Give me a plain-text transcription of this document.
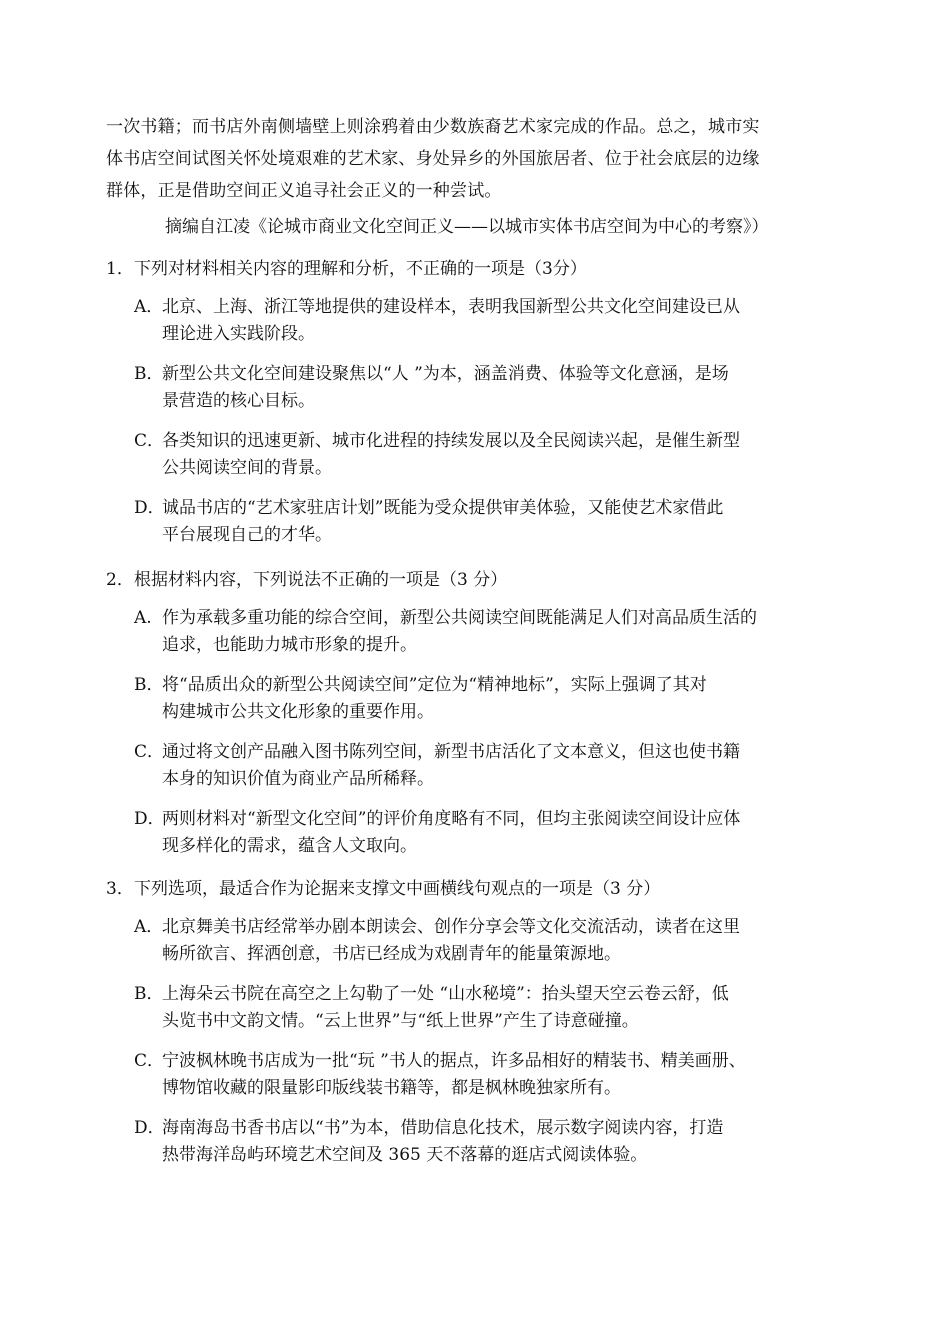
一次书籍；而书店外南侧墙壁上则涂鸦着由少数族裔艺术家完成的作品。总之，城市实

体书店空间试图关怀处境艰难的艺术家、身处异乡的外国旅居者、位于社会底层的边缘

群体，正是借助空间正义追寻社会正义的一种尝试。

摘编自江凌《论城市商业文化空间正义——以城市实体书店空间为中心的考察》）
1．下列对材料相关内容的理解和分析，不正确的一项是（3分）
A．
北京、上海、浙江等地提供的建设样本，表明我国新型公共文化空间建设已从
理论进入实践阶段。
B．
新型公共文化空间建设聚焦以“人 ”为本，涵盖消费、体验等文化意涵，是场
景营造的核心目标。
C．
各类知识的迅速更新、城市化进程的持续发展以及全民阅读兴起，是催生新型
公共阅读空间的背景。
D．
诚品书店的“艺术家驻店计划”既能为受众提供审美体验，又能使艺术家借此
平台展现自己的才华。
2．根据材料内容，下列说法不正确的一项是（3 分）
A. 作为承载多重功能的综合空间，新型公共阅读空间既能满足人们对高品质生活的
追求，也能助力城市形象的提升。
B．
将“品质出众的新型公共阅读空间”定位为“精神地标”，实际上强调了其对
构建城市公共文化形象的重要作用。
C．
通过将文创产品融入图书陈列空间，新型书店活化了文本意义，但这也使书籍
本身的知识价值为商业产品所稀释。
D．
两则材料对“新型文化空间”的评价角度略有不同，但均主张阅读空间设计应体
现多样化的需求，蕴含人文取向。
3．下列选项，最适合作为论据来支撑文中画横线句观点的一项是（3 分）
A．
北京舞美书店经常举办剧本朗读会、创作分享会等文化交流活动，读者在这里
畅所欲言、挥洒创意，书店已经成为戏剧青年的能量策源地。
B．
上海朵云书院在高空之上勾勒了一处 “山水秘境”：抬头望天空云卷云舒，低
头览书中文韵文情。“云上世界”与“纸上世界”产生了诗意碰撞。
C．
宁波枫林晚书店成为一批“玩 ”书人的据点，许多品相好的精装书、精美画册、
博物馆收藏的限量影印版线装书籍等，都是枫林晚独家所有。
D．
海南海岛书香书店以“书”为本，借助信息化技术，展示数字阅读内容，打造
热带海洋岛屿环境艺术空间及 365 天不落幕的逛店式阅读体验。
